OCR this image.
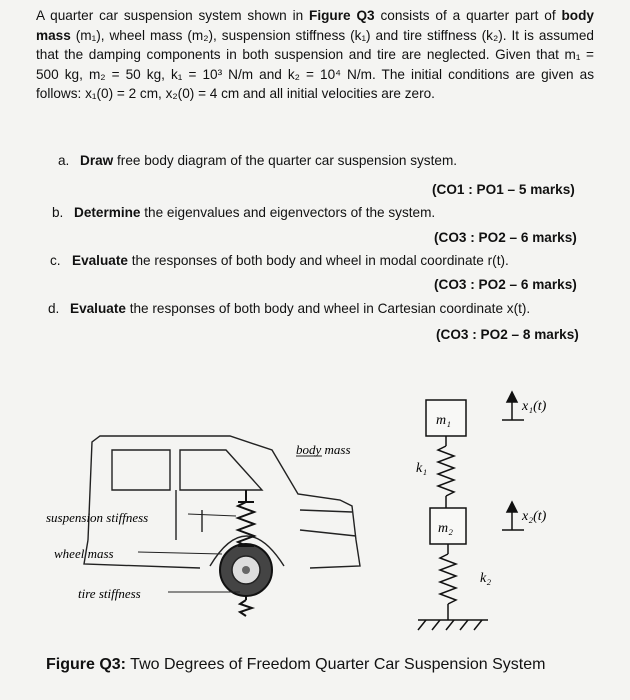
A quarter car suspension system shown in Figure Q3 consists of a quarter part of body mass (m₁), wheel mass (m₂), suspension stiffness (k₁) and tire stiffness (k₂). It is assumed that the damping components in both suspension and tire are neglected. Given that m₁ = 500 kg, m₂ = 50 kg, k₁ = 10³ N/m and k₂ = 10⁴ N/m. The initial conditions are given as follows: x₁(0) = 2 cm, x₂(0) = 4 cm and all initial velocities are zero.
a. Draw free body diagram of the quarter car suspension system.
(CO1 : PO1 – 5 marks)
b. Determine the eigenvalues and eigenvectors of the system.
(CO3 : PO2 – 6 marks)
c. Evaluate the responses of both body and wheel in modal coordinate r(t).
(CO3 : PO2 – 6 marks)
d. Evaluate the responses of both body and wheel in Cartesian coordinate x(t).
(CO3 : PO2 – 8 marks)
body mass
suspension stiffness
wheel mass
tire stiffness
m₁
m₂
k₁
k₂
x₁(t)
x₂(t)
Figure Q3: Two Degrees of Freedom Quarter Car Suspension System
